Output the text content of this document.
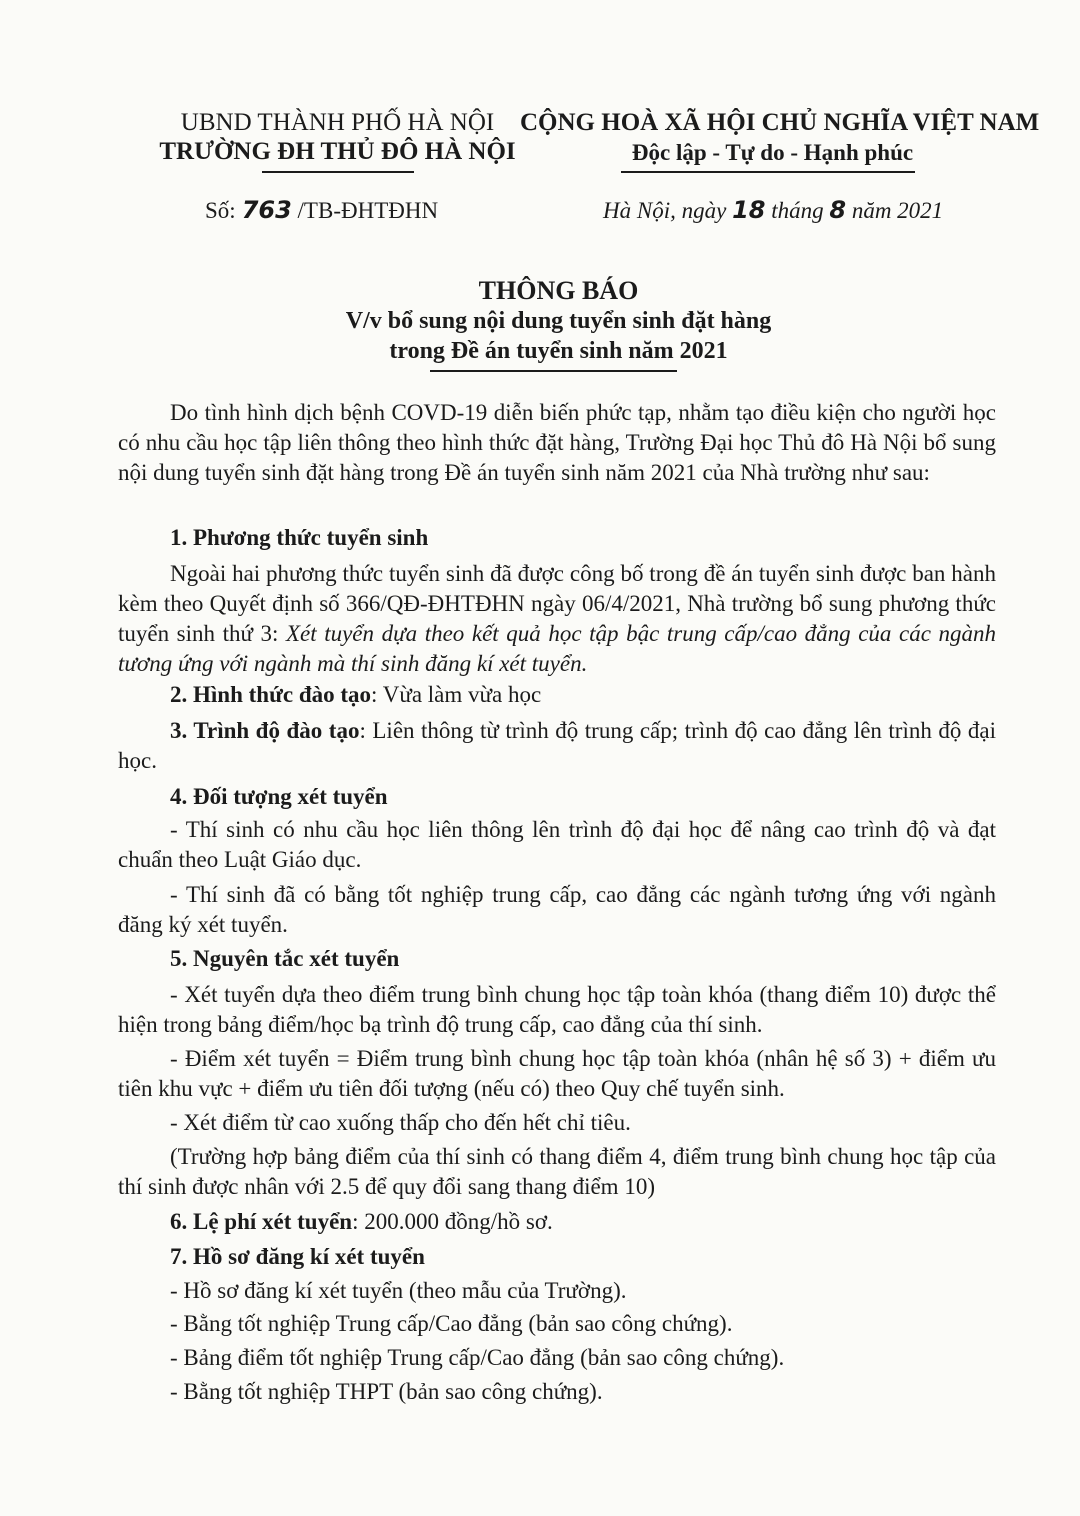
UBND THÀNH PHỐ HÀ NỘI
TRƯỜNG ĐH THỦ ĐÔ HÀ NỘI
CỘNG HOÀ XÃ HỘI CHỦ NGHĨA VIỆT NAM
Độc lập - Tự do - Hạnh phúc
Số: 763 /TB-ĐHTĐHN	Hà Nội, ngày 18 tháng 8 năm 2021
THÔNG BÁO
V/v bổ sung nội dung tuyển sinh đặt hàng
trong Đề án tuyển sinh năm 2021
Do tình hình dịch bệnh COVD-19 diễn biến phức tạp, nhằm tạo điều kiện cho người học có nhu cầu học tập liên thông theo hình thức đặt hàng, Trường Đại học Thủ đô Hà Nội bổ sung nội dung tuyển sinh đặt hàng trong Đề án tuyển sinh năm 2021 của Nhà trường như sau:
1. Phương thức tuyển sinh
Ngoài hai phương thức tuyển sinh đã được công bố trong đề án tuyển sinh được ban hành kèm theo Quyết định số 366/QĐ-ĐHTĐHN ngày 06/4/2021, Nhà trường bổ sung phương thức tuyển sinh thứ 3: Xét tuyển dựa theo kết quả học tập bậc trung cấp/cao đẳng của các ngành tương ứng với ngành mà thí sinh đăng kí xét tuyển.
2. Hình thức đào tạo: Vừa làm vừa học
3. Trình độ đào tạo: Liên thông từ trình độ trung cấp; trình độ cao đẳng lên trình độ đại học.
4. Đối tượng xét tuyển
- Thí sinh có nhu cầu học liên thông lên trình độ đại học để nâng cao trình độ và đạt chuẩn theo Luật Giáo dục.
- Thí sinh đã có bằng tốt nghiệp trung cấp, cao đẳng các ngành tương ứng với ngành đăng ký xét tuyển.
5. Nguyên tắc xét tuyển
- Xét tuyển dựa theo điểm trung bình chung học tập toàn khóa (thang điểm 10) được thể hiện trong bảng điểm/học bạ trình độ trung cấp, cao đẳng của thí sinh.
- Điểm xét tuyển = Điểm trung bình chung học tập toàn khóa (nhân hệ số 3) + điểm ưu tiên khu vực + điểm ưu tiên đối tượng (nếu có) theo Quy chế tuyển sinh.
- Xét điểm từ cao xuống thấp cho đến hết chỉ tiêu.
(Trường hợp bảng điểm của thí sinh có thang điểm 4, điểm trung bình chung học tập của thí sinh được nhân với 2.5 để quy đổi sang thang điểm 10)
6. Lệ phí xét tuyển: 200.000 đồng/hồ sơ.
7. Hồ sơ đăng kí xét tuyển
- Hồ sơ đăng kí xét tuyển (theo mẫu của Trường).
- Bằng tốt nghiệp Trung cấp/Cao đẳng (bản sao công chứng).
- Bảng điểm tốt nghiệp Trung cấp/Cao đẳng (bản sao công chứng).
- Bằng tốt nghiệp THPT (bản sao công chứng).
